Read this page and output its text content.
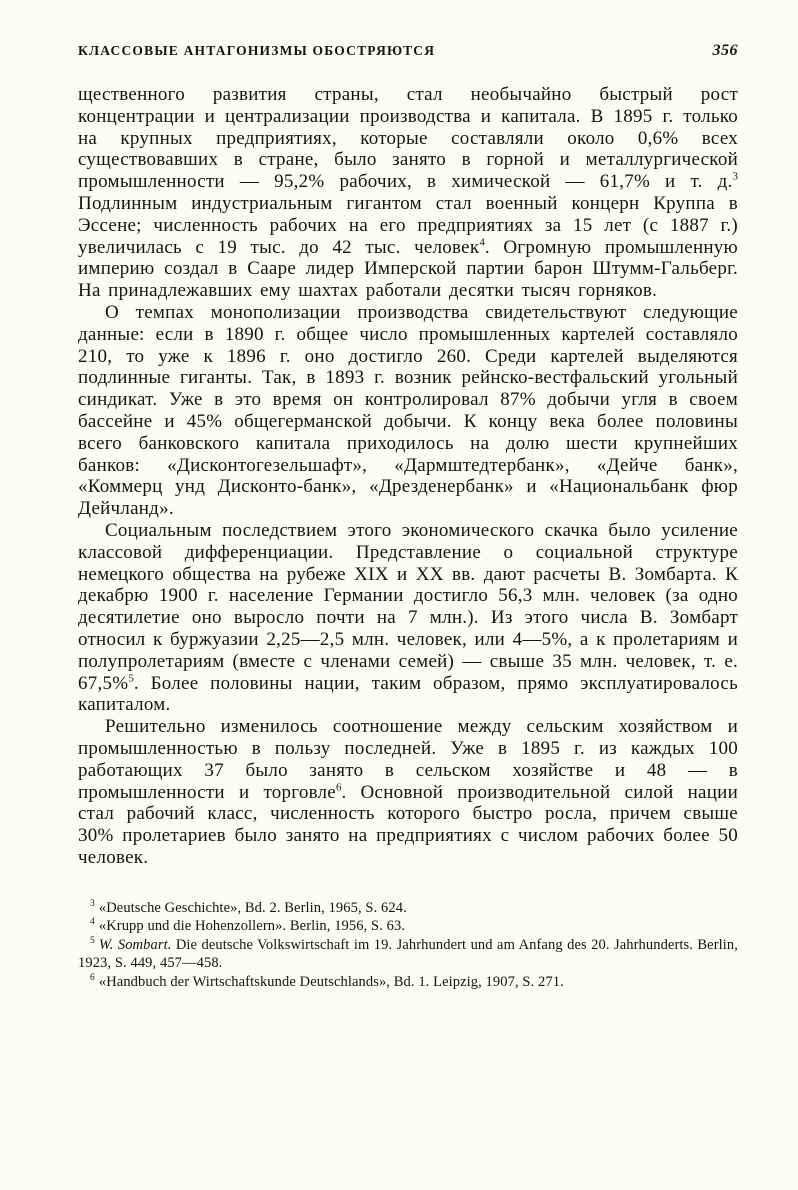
КЛАССОВЫЕ АНТАГОНИЗМЫ ОБОСТРЯЮТСЯ	356

щественного развития страны, стал необычайно быстрый рост концентрации и централизации производства и капитала. В 1895 г. только на крупных предприятиях, которые составляли около 0,6% всех существовавших в стране, было занято в горной и металлургической промышленности — 95,2% рабочих, в химической — 61,7% и т. д.$^3$ Подлинным индустриальным гигантом стал военный концерн Круппа в Эссене; численность рабочих на его предприятиях за 15 лет (с 1887 г.) увеличилась с 19 тыс. до 42 тыс. человек$^4$. Огромную промышленную империю создал в Сааре лидер Имперской партии барон Штумм-Гальберг. На принадлежавших ему шахтах работали десятки тысяч горняков.

О темпах монополизации производства свидетельствуют следующие данные: если в 1890 г. общее число промышленных картелей составляло 210, то уже к 1896 г. оно достигло 260. Среди картелей выделяются подлинные гиганты. Так, в 1893 г. возник рейнско-вестфальский угольный синдикат. Уже в это время он контролировал 87% добычи угля в своем бассейне и 45% общегерманской добычи. К концу века более половины всего банковского капитала приходилось на долю шести крупнейших банков: «Дисконтогезельшафт», «Дармштедтербанк», «Дейче банк», «Коммерц унд Дисконто-банк», «Дрезденербанк» и «Национальбанк фюр Дейчланд».

Социальным последствием этого экономического скачка было усиление классовой дифференциации. Представление о социальной структуре немецкого общества на рубеже XIX и XX вв. дают расчеты В. Зомбарта. К декабрю 1900 г. население Германии достигло 56,3 млн. человек (за одно десятилетие оно выросло почти на 7 млн.). Из этого числа В. Зомбарт относил к буржуазии 2,25—2,5 млн. человек, или 4—5%, а к пролетариям и полупролетариям (вместе с членами семей) — свыше 35 млн. человек, т. е. 67,5%$^5$. Более половины нации, таким образом, прямо эксплуатировалось капиталом.

Решительно изменилось соотношение между сельским хозяйством и промышленностью в пользу последней. Уже в 1895 г. из каждых 100 работающих 37 было занято в сельском хозяйстве и 48 — в промышленности и торговле$^6$. Основной производительной силой нации стал рабочий класс, численность которого быстро росла, причем свыше 30% пролетариев было занято на предприятиях с числом рабочих более 50 человек.

$^3$ «Deutsche Geschichte», Bd. 2. Berlin, 1965, S. 624.

$^4$ «Krupp und die Hohenzollern». Berlin, 1956, S. 63.

$^5$ W. Sombart. Die deutsche Volkswirtschaft im 19. Jahrhundert und am Anfang des 20. Jahrhunderts. Berlin, 1923, S. 449, 457—458.

$^6$ «Handbuch der Wirtschaftskunde Deutschlands», Bd. 1. Leipzig, 1907, S. 271.
